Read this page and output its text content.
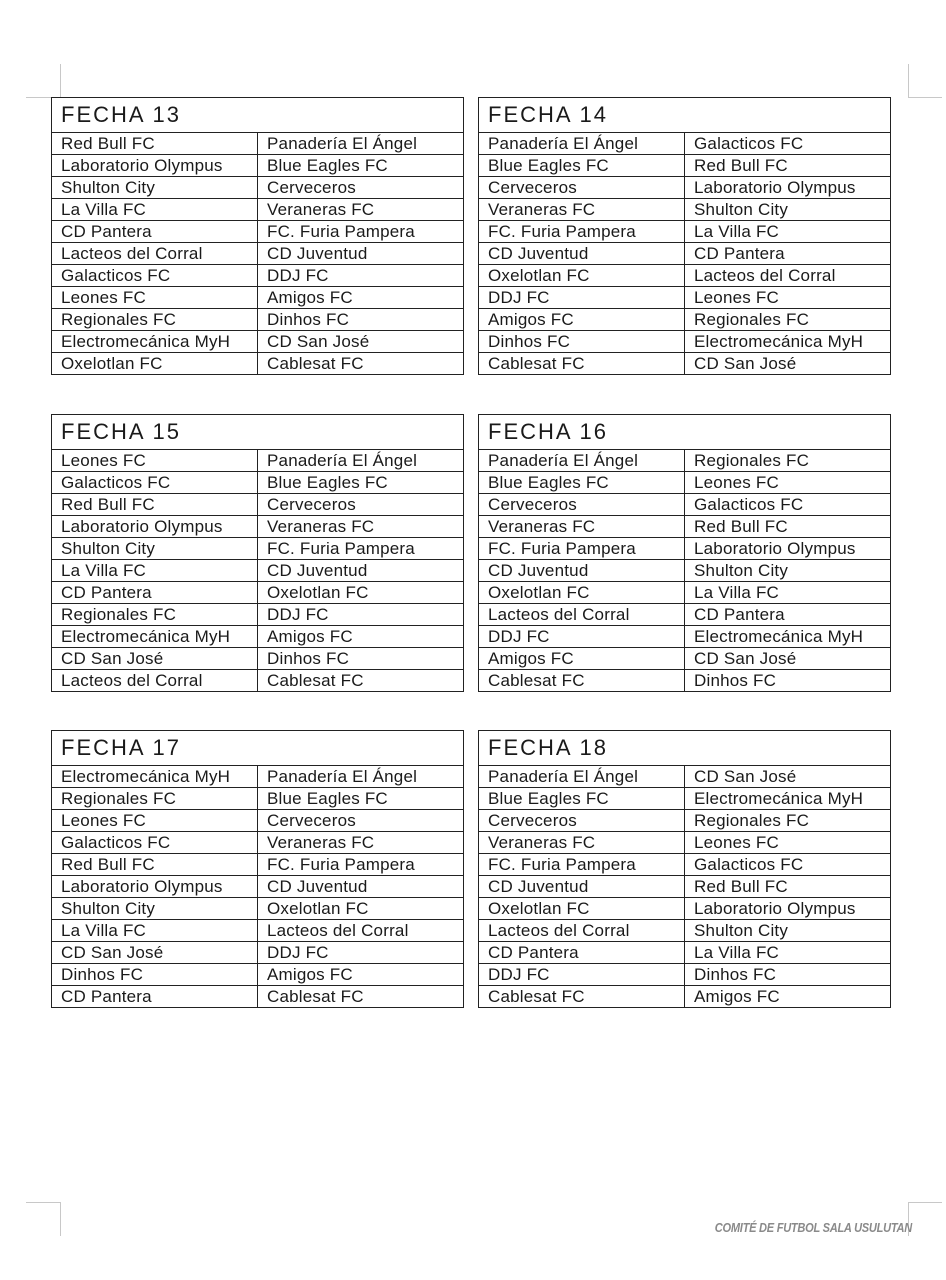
FECHA 13	
Red Bull FC	Panadería El Ángel
Laboratorio Olympus	Blue Eagles FC
Shulton City	Cerveceros
La Villa FC	Veraneras FC
CD Pantera	FC. Furia Pampera
Lacteos del Corral	CD Juventud
Galacticos FC	DDJ FC
Leones FC	Amigos FC
Regionales FC	Dinhos FC
Electromecánica MyH	CD San José
Oxelotlan FC	Cablesat FC
FECHA 14	
Panadería El Ángel	Galacticos FC
Blue Eagles FC	Red Bull FC
Cerveceros	Laboratorio Olympus
Veraneras FC	Shulton City
FC. Furia Pampera	La Villa FC
CD Juventud	CD Pantera
Oxelotlan FC	Lacteos del Corral
DDJ FC	Leones FC
Amigos FC	Regionales FC
Dinhos FC	Electromecánica MyH
Cablesat FC	CD San José
FECHA 15	
Leones FC	Panadería El Ángel
Galacticos FC	Blue Eagles FC
Red Bull FC	Cerveceros
Laboratorio Olympus	Veraneras FC
Shulton City	FC. Furia Pampera
La Villa FC	CD Juventud
CD Pantera	Oxelotlan FC
Regionales FC	DDJ FC
Electromecánica MyH	Amigos FC
CD San José	Dinhos FC
Lacteos del Corral	Cablesat FC
FECHA 16	
Panadería El Ángel	Regionales FC
Blue Eagles FC	Leones FC
Cerveceros	Galacticos FC
Veraneras FC	Red Bull FC
FC. Furia Pampera	Laboratorio Olympus
CD Juventud	Shulton City
Oxelotlan FC	La Villa FC
Lacteos del Corral	CD Pantera
DDJ FC	Electromecánica MyH
Amigos FC	CD San José
Cablesat FC	Dinhos FC
FECHA 17	
Electromecánica MyH	Panadería El Ángel
Regionales FC	Blue Eagles FC
Leones FC	Cerveceros
Galacticos FC	Veraneras FC
Red Bull FC	FC. Furia Pampera
Laboratorio Olympus	CD Juventud
Shulton City	Oxelotlan FC
La Villa FC	Lacteos del Corral
CD San José	DDJ FC
Dinhos FC	Amigos FC
CD Pantera	Cablesat FC
FECHA 18	
Panadería El Ángel	CD San José
Blue Eagles FC	Electromecánica MyH
Cerveceros	Regionales FC
Veraneras FC	Leones FC
FC. Furia Pampera	Galacticos FC
CD Juventud	Red Bull FC
Oxelotlan FC	Laboratorio Olympus
Lacteos del Corral	Shulton City
CD Pantera	La Villa FC
DDJ FC	Dinhos FC
Cablesat FC	Amigos FC
COMITÉ DE FUTBOL SALA USULUTAN
